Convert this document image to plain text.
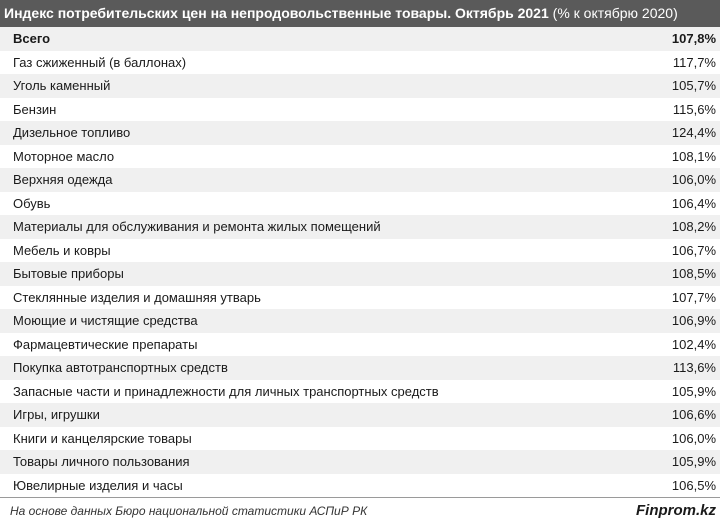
Индекс потребительских цен на непродовольственные товары. Октябрь 2021 (% к октябрю 2020)
Всего	107,8%
Газ сжиженный (в баллонах)	117,7%
Уголь каменный	105,7%
Бензин	115,6%
Дизельное топливо	124,4%
Моторное масло	108,1%
Верхняя одежда	106,0%
Обувь	106,4%
Материалы для обслуживания и ремонта жилых помещений	108,2%
Мебель и ковры	106,7%
Бытовые приборы	108,5%
Стеклянные изделия и домашняя утварь	107,7%
Моющие и чистящие средства	106,9%
Фармацевтические препараты	102,4%
Покупка автотранспортных средств	113,6%
Запасные части и принадлежности для личных транспортных средств	105,9%
Игры, игрушки	106,6%
Книги и канцелярские товары	106,0%
Товары личного пользования	105,9%
Ювелирные изделия и часы	106,5%
На основе данных Бюро национальной статистики АСПиР РК	Finprom.kz
